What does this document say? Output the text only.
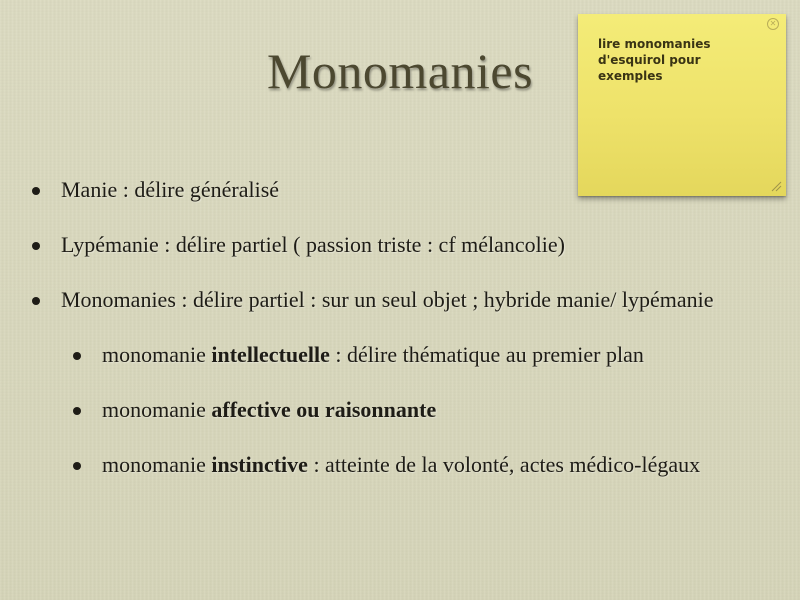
Monomanies
Manie : délire généralisé
Lypémanie : délire partiel ( passion triste : cf mélancolie)
Monomanies : délire partiel : sur un seul objet ; hybride manie/ lypémanie
monomanie intellectuelle : délire thématique au premier plan
monomanie affective ou raisonnante
monomanie instinctive : atteinte de la volonté, actes médico-légaux
✕
lire monomanies
d'esquirol pour exemples
